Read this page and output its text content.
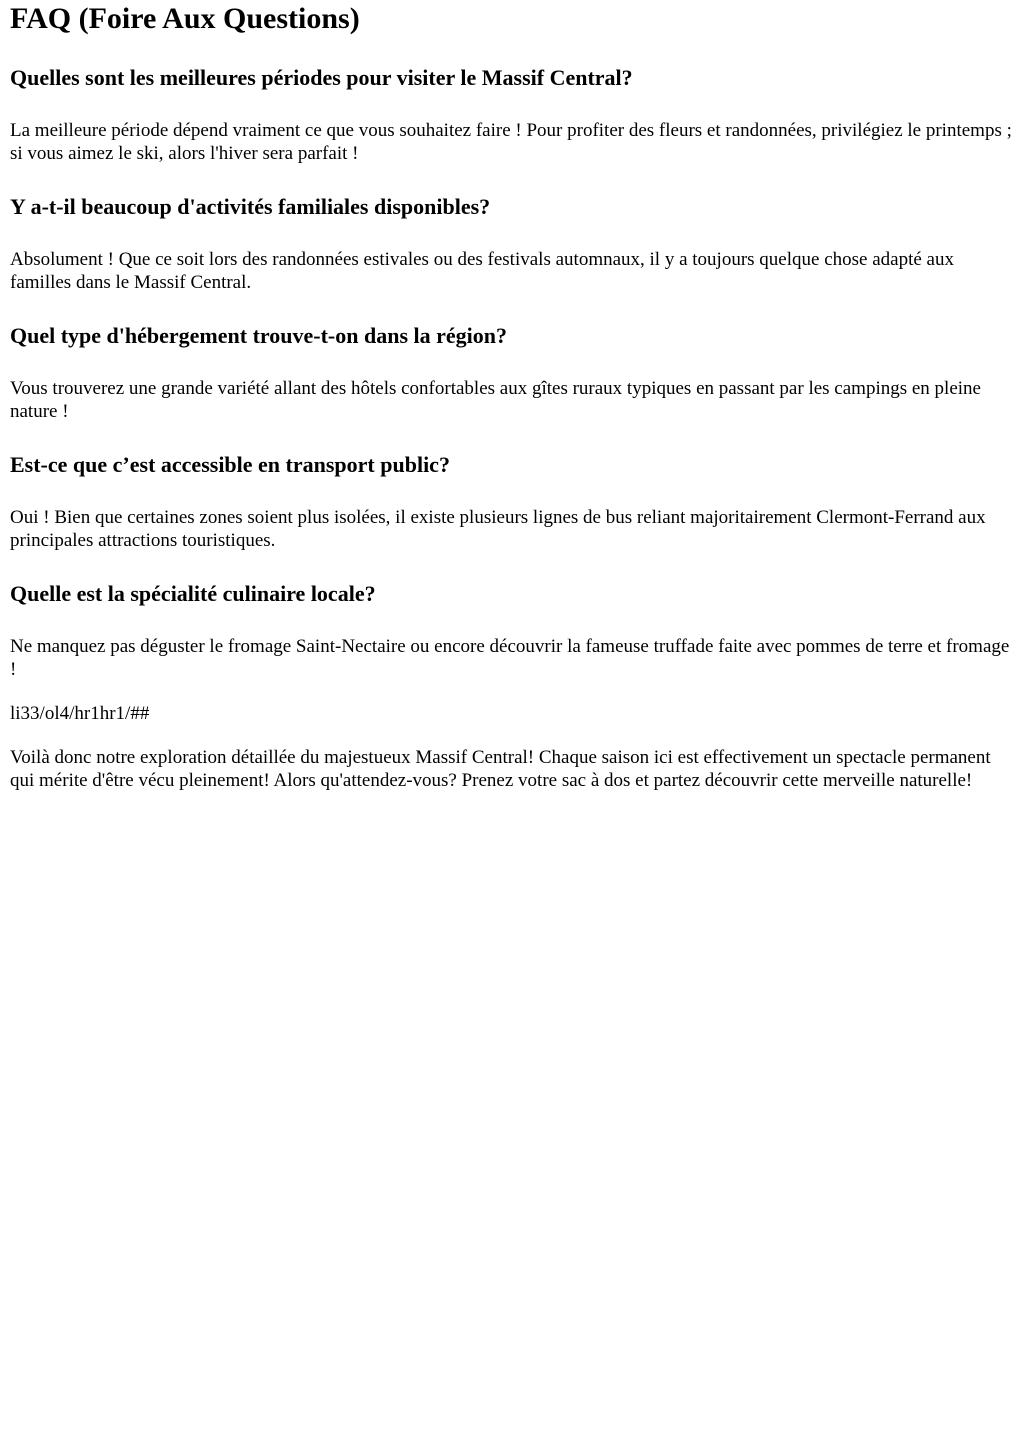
FAQ (Foire Aux Questions)
Quelles sont les meilleures périodes pour visiter le Massif Central?

La meilleure période dépend vraiment ce que vous souhaitez faire ! Pour profiter des fleurs et randonnées, privilégiez le printemps ; si vous aimez le ski, alors l'hiver sera parfait !

Y a-t-il beaucoup d'activités familiales disponibles?

Absolument ! Que ce soit lors des randonnées estivales ou des festivals automnaux, il y a toujours quelque chose adapté aux familles dans le Massif Central.

Quel type d'hébergement trouve-t-on dans la région?

Vous trouverez une grande variété allant des hôtels confortables aux gîtes ruraux typiques en passant par les campings en pleine nature !

Est-ce que c’est accessible en transport public?

Oui ! Bien que certaines zones soient plus isolées, il existe plusieurs lignes de bus reliant majoritairement Clermont-Ferrand aux principales attractions touristiques.

Quelle est la spécialité culinaire locale?

Ne manquez pas déguster le fromage Saint-Nectaire ou encore découvrir la fameuse truffade faite avec pommes de terre et fromage !

li33/ol4/hr1hr1/##

Voilà donc notre exploration détaillée du majestueux Massif Central! Chaque saison ici est effectivement un spectacle permanent qui mérite d'être vécu pleinement! Alors qu'attendez-vous? Prenez votre sac à dos et partez découvrir cette merveille naturelle!
